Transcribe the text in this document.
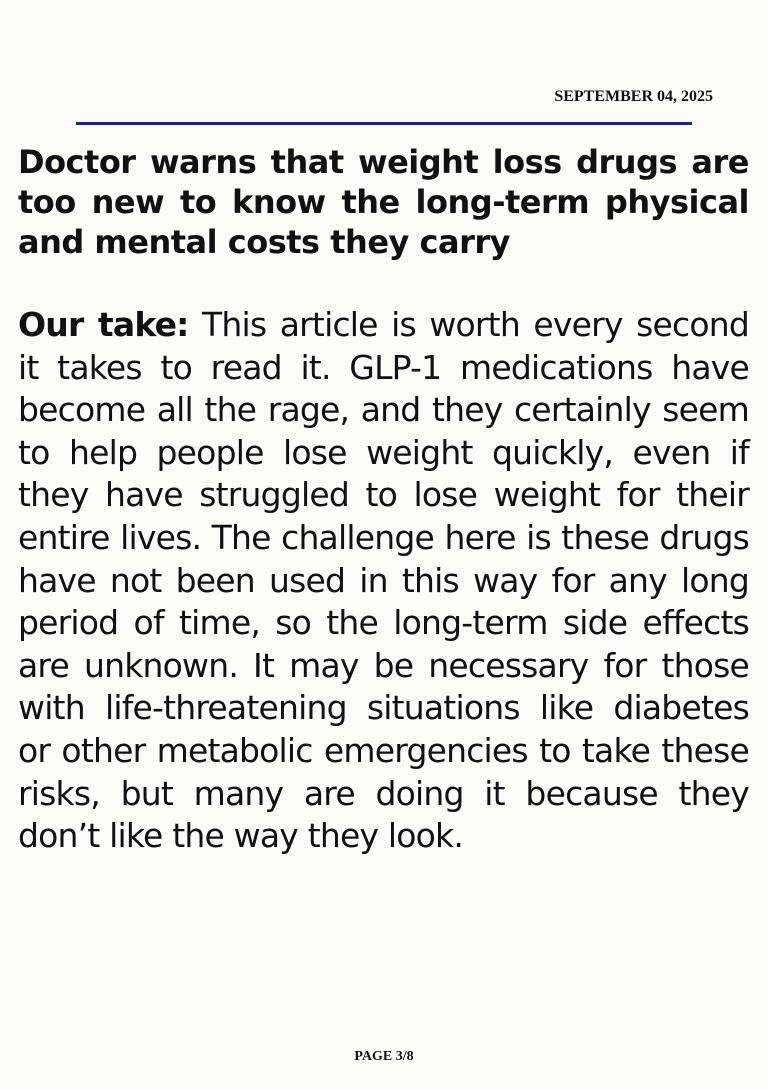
SEPTEMBER 04, 2025
Doctor warns that weight loss drugs are too new to know the long-term physical and mental costs they carry

Our take: This article is worth every second it takes to read it. GLP-1 medications have become all the rage, and they certainly seem to help people lose weight quickly, even if they have struggled to lose weight for their entire lives. The challenge here is these drugs have not been used in this way for any long period of time, so the long-term side effects are unknown. It may be necessary for those with life-threatening situations like diabetes or other metabolic emergencies to take these risks, but many are doing it because they don’t like the way they look.

PAGE 3/8
